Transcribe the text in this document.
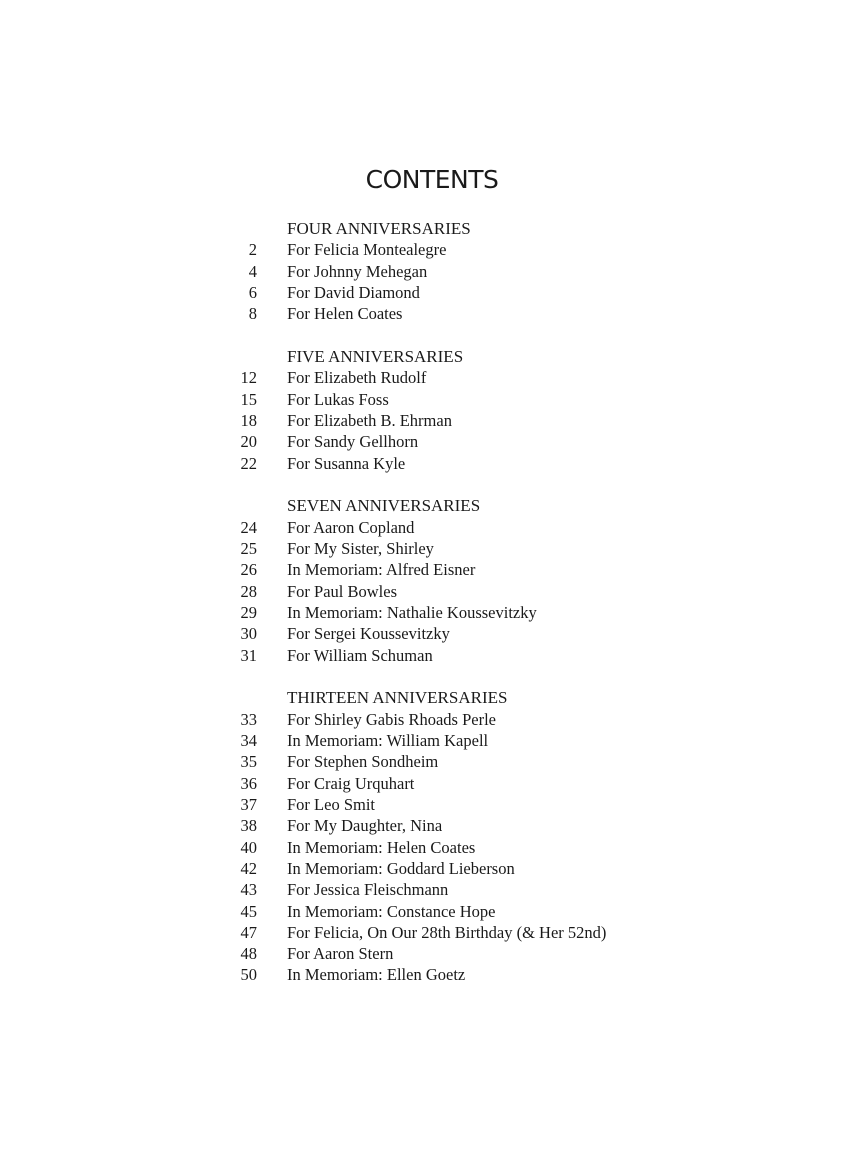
CONTENTS
FOUR ANNIVERSARIES
2 For Felicia Montealegre
4 For Johnny Mehegan
6 For David Diamond
8 For Helen Coates
FIVE ANNIVERSARIES
12 For Elizabeth Rudolf
15 For Lukas Foss
18 For Elizabeth B. Ehrman
20 For Sandy Gellhorn
22 For Susanna Kyle
SEVEN ANNIVERSARIES
24 For Aaron Copland
25 For My Sister, Shirley
26 In Memoriam: Alfred Eisner
28 For Paul Bowles
29 In Memoriam: Nathalie Koussevitzky
30 For Sergei Koussevitzky
31 For William Schuman
THIRTEEN ANNIVERSARIES
33 For Shirley Gabis Rhoads Perle
34 In Memoriam: William Kapell
35 For Stephen Sondheim
36 For Craig Urquhart
37 For Leo Smit
38 For My Daughter, Nina
40 In Memoriam: Helen Coates
42 In Memoriam: Goddard Lieberson
43 For Jessica Fleischmann
45 In Memoriam: Constance Hope
47 For Felicia, On Our 28th Birthday (& Her 52nd)
48 For Aaron Stern
50 In Memoriam: Ellen Goetz
